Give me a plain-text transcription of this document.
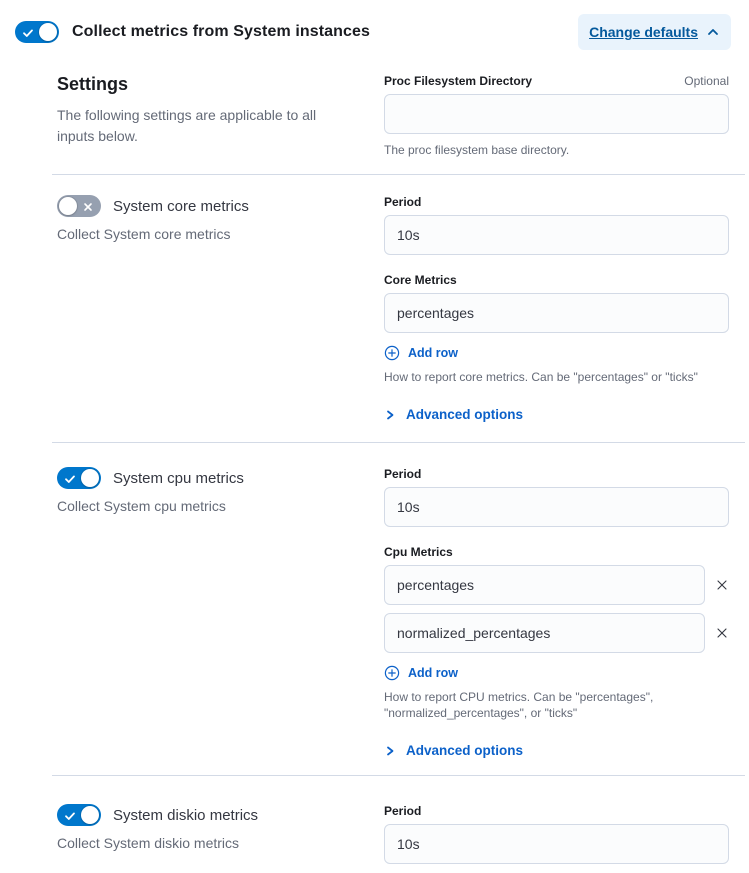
Collect metrics from System instances	Change defaults
Settings

The following settings are applicable to all inputs below.

Proc Filesystem Directory	Optional

The proc filesystem base directory.

System core metrics

Collect System core metrics

Period
10s
Core Metrics
percentages
Add row

How to report core metrics. Can be "percentages" or "ticks"

Advanced options
System cpu metrics

Collect System cpu metrics

Period
10s
Cpu Metrics
percentages
normalized_percentages
Add row

How to report CPU metrics. Can be "percentages", "normalized_percentages", or "ticks"

Advanced options
System diskio metrics

Collect System diskio metrics

Period
10s
